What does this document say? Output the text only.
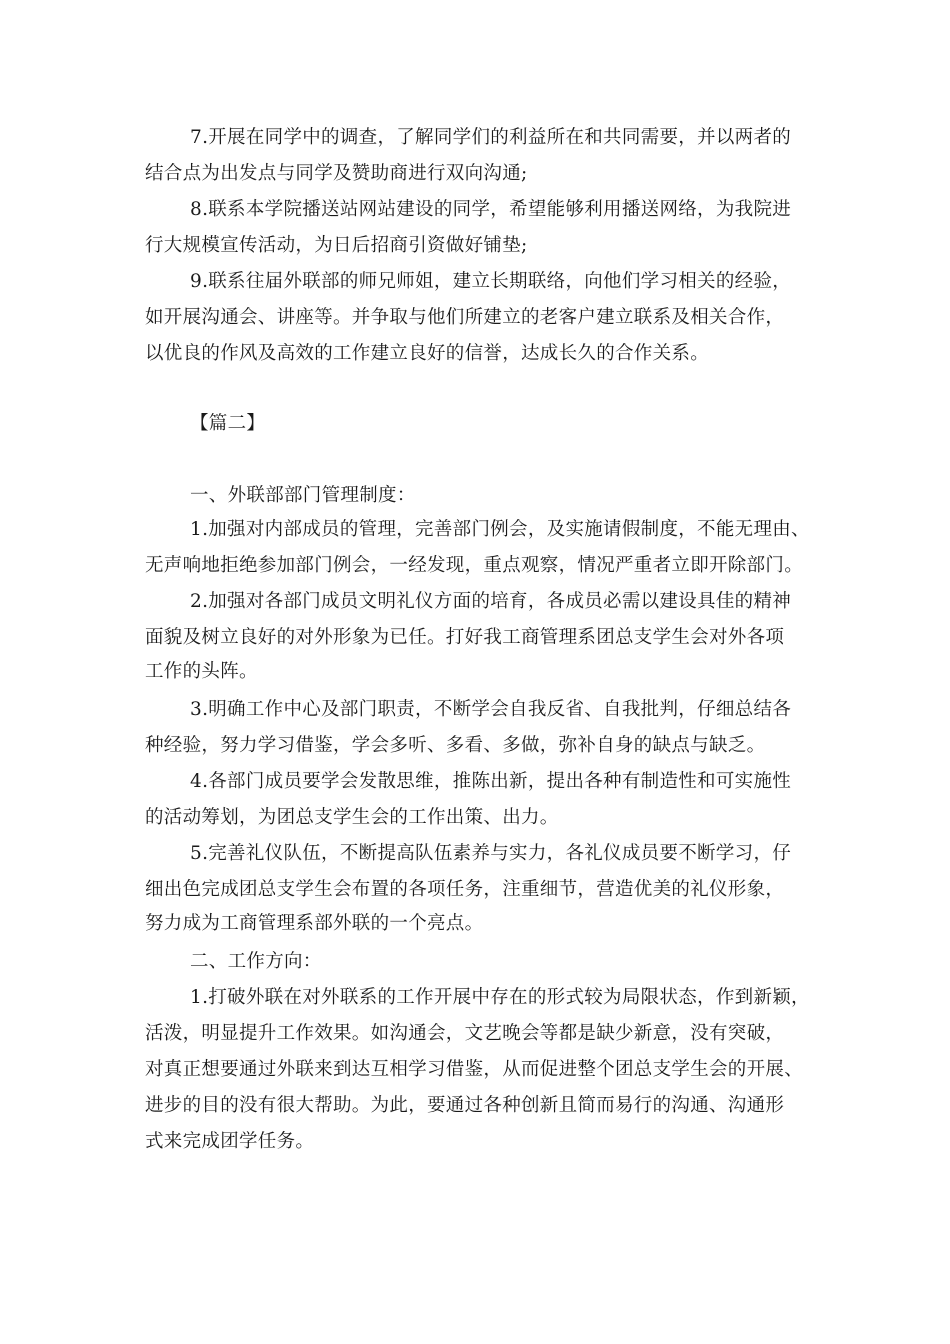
7.开展在同学中的调查，了解同学们的利益所在和共同需要，并以两者的
结合点为出发点与同学及赞助商进行双向沟通;
8.联系本学院播送站网站建设的同学，希望能够利用播送网络，为我院进
行大规模宣传活动，为日后招商引资做好铺垫;
9.联系往届外联部的师兄师姐，建立长期联络，向他们学习相关的经验，
如开展沟通会、讲座等。并争取与他们所建立的老客户建立联系及相关合作，
以优良的作风及高效的工作建立良好的信誉，达成长久的合作关系。
【篇二】
一、外联部部门管理制度：
1.加强对内部成员的管理，完善部门例会，及实施请假制度，不能无理由、
无声响地拒绝参加部门例会，一经发现，重点观察，情况严重者立即开除部门。
2.加强对各部门成员文明礼仪方面的培育，各成员必需以建设具佳的精神
面貌及树立良好的对外形象为已任。打好我工商管理系团总支学生会对外各项
工作的头阵。
3.明确工作中心及部门职责，不断学会自我反省、自我批判，仔细总结各
种经验，努力学习借鉴，学会多听、多看、多做，弥补自身的缺点与缺乏。
4.各部门成员要学会发散思维，推陈出新，提出各种有制造性和可实施性
的活动筹划，为团总支学生会的工作出策、出力。
5.完善礼仪队伍，不断提高队伍素养与实力，各礼仪成员要不断学习，仔
细出色完成团总支学生会布置的各项任务，注重细节，营造优美的礼仪形象，
努力成为工商管理系部外联的一个亮点。
二、工作方向：
1.打破外联在对外联系的工作开展中存在的形式较为局限状态，作到新颖，
活泼，明显提升工作效果。如沟通会，文艺晚会等都是缺少新意，没有突破，
对真正想要通过外联来到达互相学习借鉴，从而促进整个团总支学生会的开展、
进步的目的没有很大帮助。为此，要通过各种创新且简而易行的沟通、沟通形
式来完成团学任务。
